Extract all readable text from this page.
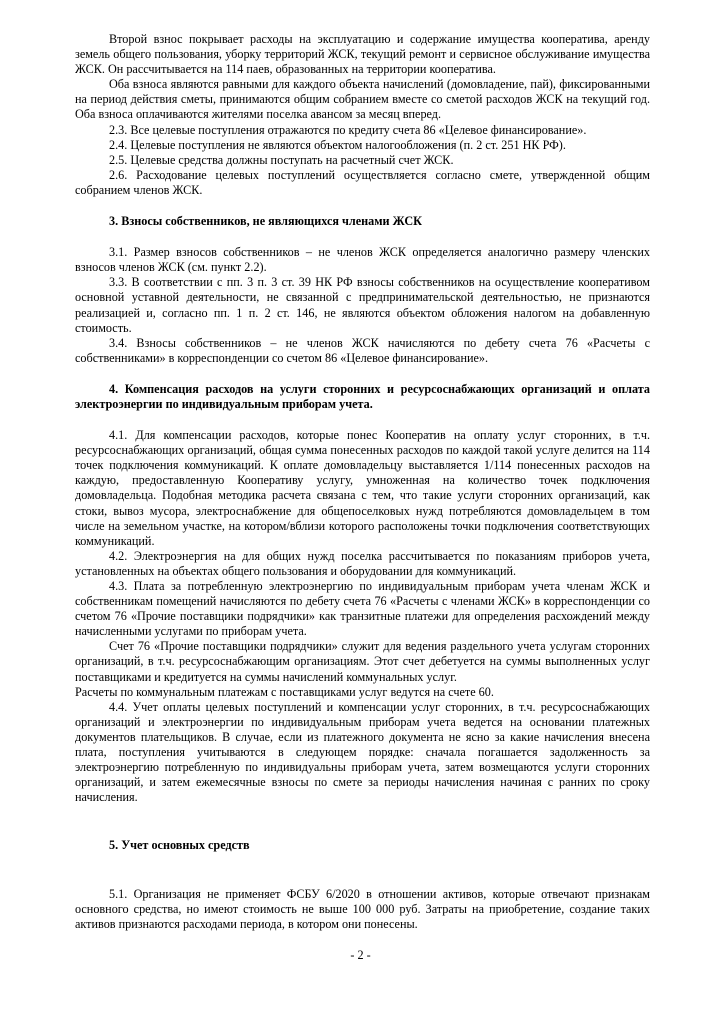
Второй взнос покрывает расходы на эксплуатацию и содержание имущества кооператива, аренду земель общего пользования, уборку территорий ЖСК, текущий ремонт и сервисное обслуживание имущества ЖСК. Он рассчитывается на 114 паев, образованных на территории кооператива.

Оба взноса являются равными для каждого объекта начислений (домовладение, пай), фиксированными на период действия сметы, принимаются общим собранием вместе со сметой расходов ЖСК на текущий год. Оба взноса оплачиваются жителями поселка авансом за месяц вперед.

2.3. Все целевые поступления отражаются по кредиту счета 86 «Целевое финансирование».

2.4. Целевые поступления не являются объектом налогообложения (п. 2 ст. 251 НК РФ).

2.5. Целевые средства должны поступать на расчетный счет ЖСК.

2.6. Расходование целевых поступлений осуществляется согласно смете, утвержденной общим собранием членов ЖСК.

3. Взносы собственников, не являющихся членами ЖСК

3.1. Размер взносов собственников – не членов ЖСК определяется аналогично размеру членских взносов членов ЖСК (см. пункт 2.2).

3.3. В соответствии с пп. 3 п. 3 ст. 39 НК РФ взносы собственников на осуществление кооперативом основной уставной деятельности, не связанной с предпринимательской деятельностью, не признаются реализацией и, согласно пп. 1 п. 2 ст. 146, не являются объектом обложения налогом на добавленную стоимость.

3.4. Взносы собственников – не членов ЖСК начисляются по дебету счета 76 «Расчеты с собственниками» в корреспонденции со счетом 86 «Целевое финансирование».

4. Компенсация расходов на услуги сторонних и ресурсоснабжающих организаций и оплата электроэнергии по индивидуальным приборам учета.

4.1. Для компенсации расходов, которые понес Кооператив на оплату услуг сторонних, в т.ч. ресурсоснабжающих организаций, общая сумма понесенных расходов по каждой такой услуге делится на 114 точек подключения коммуникаций. К оплате домовладельцу выставляется 1/114 понесенных расходов на каждую, предоставленную Кооперативу услугу, умноженная на количество точек подключения домовладельца. Подобная методика расчета связана с тем, что такие услуги сторонних организаций, как стоки, вывоз мусора, электроснабжение для общепоселковых нужд потребляются домовладельцем в том числе на земельном участке, на котором/вблизи которого расположены точки подключения соответствующих коммуникаций.

4.2. Электроэнергия на для общих нужд поселка рассчитывается по показаниям приборов учета, установленных на объектах общего пользования и оборудовании для коммуникаций.

4.3. Плата за потребленную электроэнергию по индивидуальным приборам учета членам ЖСК и собственникам помещений начисляются по дебету счета 76 «Расчеты с членами ЖСК» в корреспонденции со счетом 76 «Прочие поставщики подрядчики» как транзитные платежи для определения расхождений между начисленными услугами по приборам учета.

Счет 76 «Прочие поставщики подрядчики» служит для ведения раздельного учета услугам сторонних организаций, в т.ч. ресурсоснабжающим организациям. Этот счет дебетуется на суммы выполненных услуг поставщиками и кредитуется на суммы начислений коммунальных услуг.

Расчеты по коммунальным платежам с поставщиками услуг ведутся на счете 60.

4.4. Учет оплаты целевых поступлений и компенсации услуг сторонних, в т.ч. ресурсоснабжающих организаций и электроэнергии по индивидуальным приборам учета ведется на основании платежных документов плательщиков. В случае, если из платежного документа не ясно за какие начисления внесена плата, поступления учитываются в следующем порядке: сначала погашается задолженность за электроэнергию потребленную по индивидуальны приборам учета, затем возмещаются услуги сторонних организаций, и затем ежемесячные взносы по смете за периоды начисления начиная с ранних по сроку начисления.

5. Учет основных средств

5.1. Организация не применяет ФСБУ 6/2020 в отношении активов, которые отвечают признакам основного средства, но имеют стоимость не выше 100 000 руб. Затраты на приобретение, создание таких активов признаются расходами периода, в котором они понесены.

- 2 -
